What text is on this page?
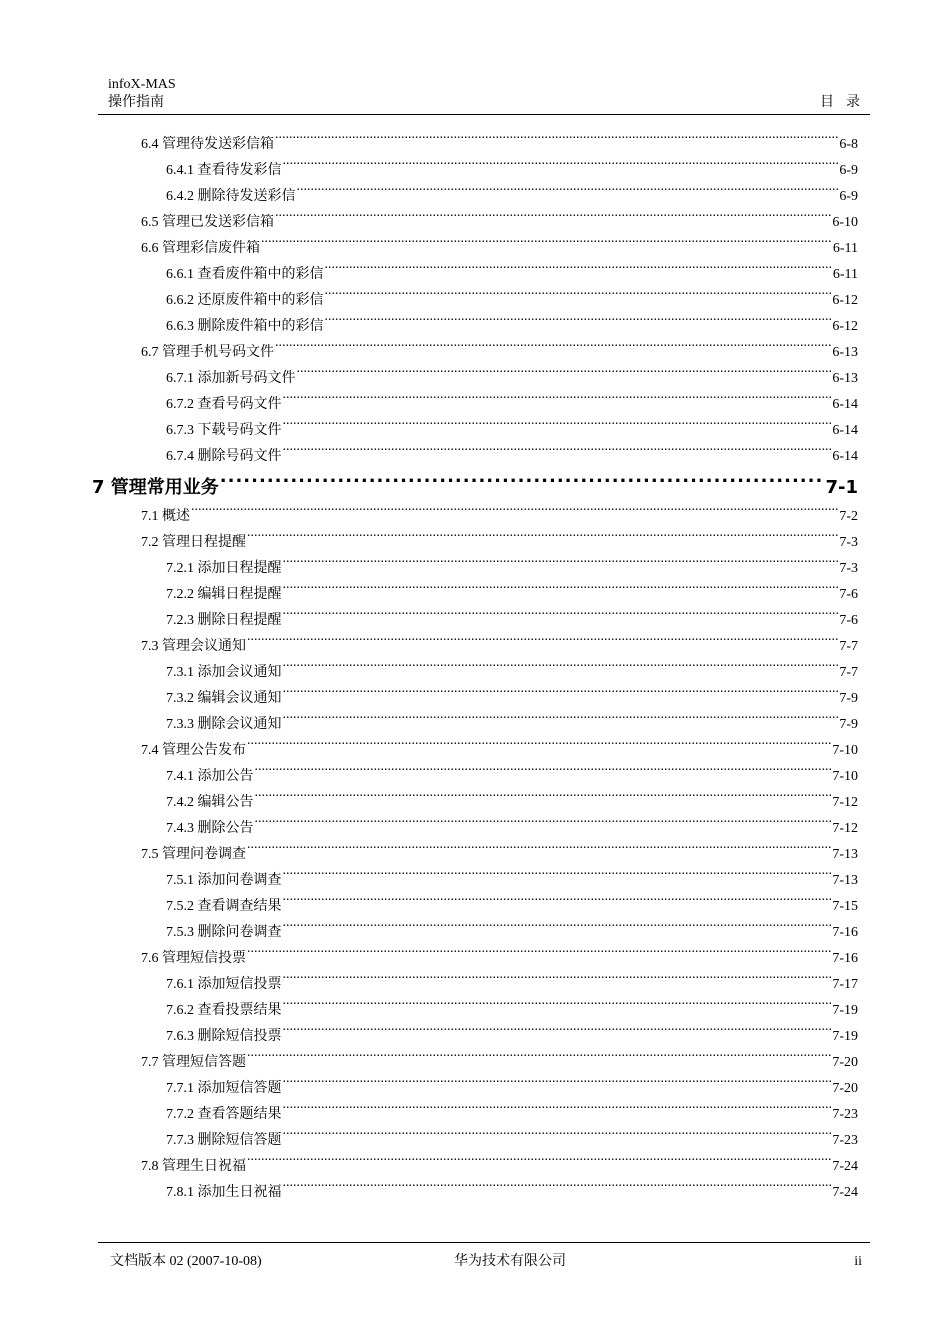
infoX-MAS
操作指南	目录
6.4 管理待发送彩信箱 .....	6-8
6.4.1 查看待发彩信 .....	6-9
6.4.2 删除待发送彩信 .....	6-9
6.5 管理已发送彩信箱 .....	6-10
6.6 管理彩信废件箱 .....	6-11
6.6.1 查看废件箱中的彩信 .....	6-11
6.6.2 还原废件箱中的彩信 .....	6-12
6.6.3 删除废件箱中的彩信 .....	6-12
6.7 管理手机号码文件 .....	6-13
6.7.1 添加新号码文件 .....	6-13
6.7.2 查看号码文件 .....	6-14
6.7.3 下载号码文件 .....	6-14
6.7.4 删除号码文件 .....	6-14
7 管理常用业务 .....	7-1
7.1 概述 .....	7-2
7.2 管理日程提醒 .....	7-3
7.2.1 添加日程提醒 .....	7-3
7.2.2 编辑日程提醒 .....	7-6
7.2.3 删除日程提醒 .....	7-6
7.3 管理会议通知 .....	7-7
7.3.1 添加会议通知 .....	7-7
7.3.2 编辑会议通知 .....	7-9
7.3.3 删除会议通知 .....	7-9
7.4 管理公告发布 .....	7-10
7.4.1 添加公告 .....	7-10
7.4.2 编辑公告 .....	7-12
7.4.3 删除公告 .....	7-12
7.5 管理问卷调查 .....	7-13
7.5.1 添加问卷调查 .....	7-13
7.5.2 查看调查结果 .....	7-15
7.5.3 删除问卷调查 .....	7-16
7.6 管理短信投票 .....	7-16
7.6.1 添加短信投票 .....	7-17
7.6.2 查看投票结果 .....	7-19
7.6.3 删除短信投票 .....	7-19
7.7 管理短信答题 .....	7-20
7.7.1 添加短信答题 .....	7-20
7.7.2 查看答题结果 .....	7-23
7.7.3 删除短信答题 .....	7-23
7.8 管理生日祝福 .....	7-24
7.8.1 添加生日祝福 .....	7-24
文档版本 02 (2007-10-08)	华为技术有限公司	ii
